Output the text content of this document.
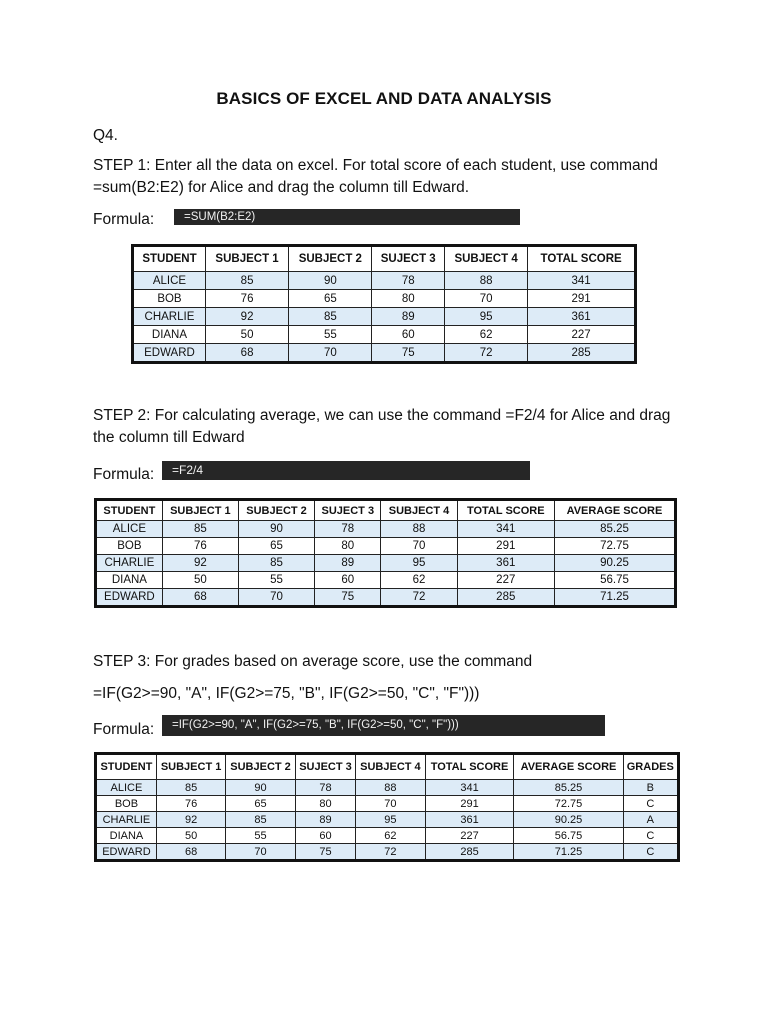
BASICS OF EXCEL AND DATA ANALYSIS

Q4.

STEP 1: Enter all the data on excel. For total score of each student, use command =sum(B2:E2) for Alice and drag the column till Edward.

Formula:	=SUM(B2:E2)
STUDENT	SUBJECT 1	SUBJECT 2	SUJECT 3	SUBJECT 4	TOTAL SCORE
ALICE	85	90	78	88	341
BOB	76	65	80	70	291
CHARLIE	92	85	89	95	361
DIANA	50	55	60	62	227
EDWARD	68	70	75	72	285

STEP 2: For calculating average, we can use the command =F2/4 for Alice and drag the column till Edward

Formula:	=F2/4
STUDENT	SUBJECT 1	SUBJECT 2	SUJECT 3	SUBJECT 4	TOTAL SCORE	AVERAGE SCORE
ALICE	85	90	78	88	341	85.25
BOB	76	65	80	70	291	72.75
CHARLIE	92	85	89	95	361	90.25
DIANA	50	55	60	62	227	56.75
EDWARD	68	70	75	72	285	71.25

STEP 3: For grades based on average score, use the command

=IF(G2>=90, "A", IF(G2>=75, "B", IF(G2>=50, "C", "F")))

Formula:	=IF(G2>=90, "A", IF(G2>=75, "B", IF(G2>=50, "C", "F")))
STUDENT	SUBJECT 1	SUBJECT 2	SUJECT 3	SUBJECT 4	TOTAL SCORE	AVERAGE SCORE	GRADES
ALICE	85	90	78	88	341	85.25	B
BOB	76	65	80	70	291	72.75	C
CHARLIE	92	85	89	95	361	90.25	A
DIANA	50	55	60	62	227	56.75	C
EDWARD	68	70	75	72	285	71.25	C
